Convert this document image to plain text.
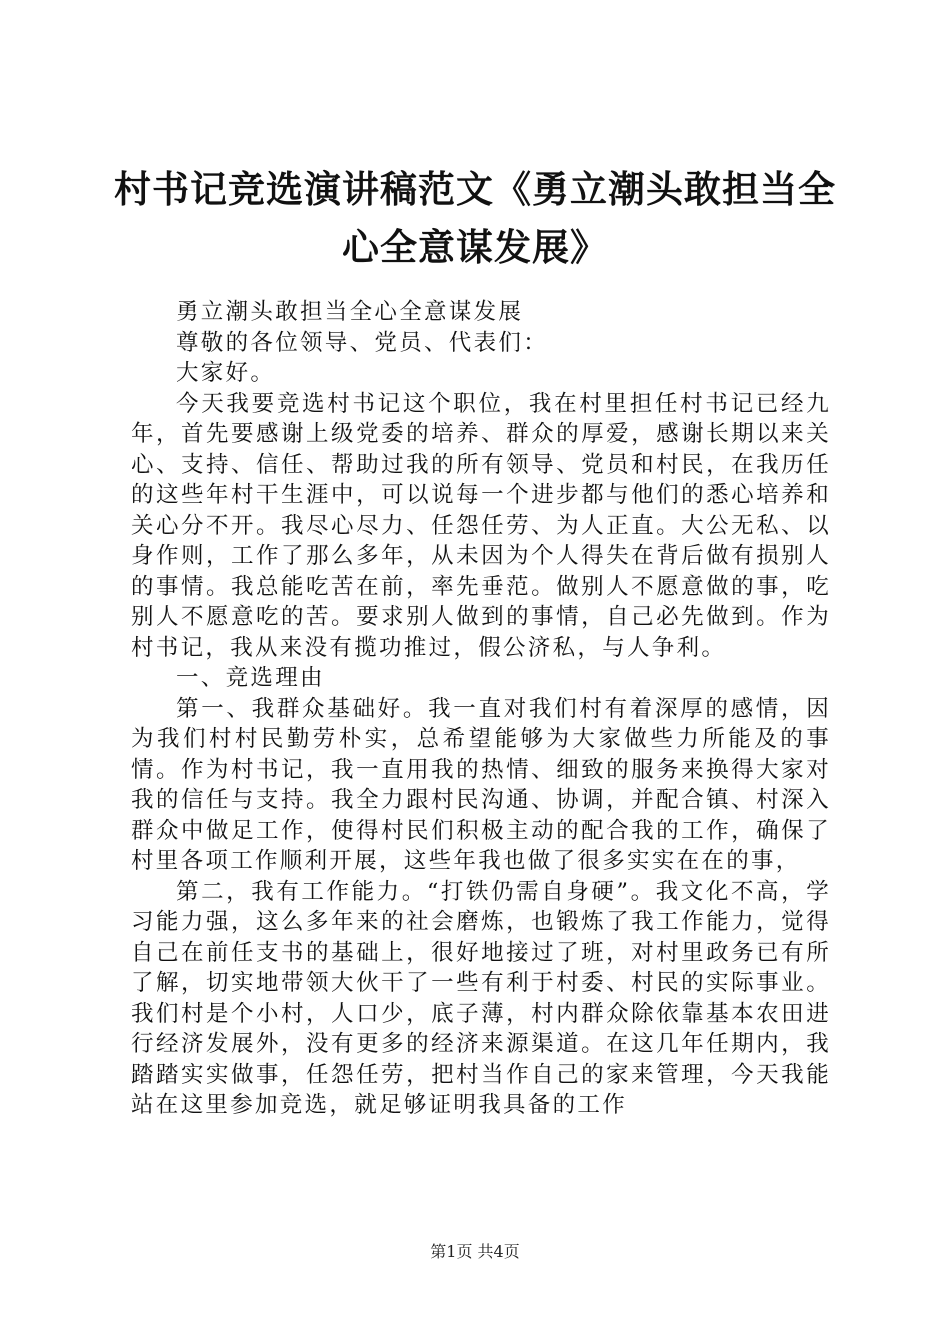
村书记竞选演讲稿范文《勇立潮头敢担当全心全意谋发展》

勇立潮头敢担当全心全意谋发展

尊敬的各位领导、党员、代表们：

大家好。

今天我要竞选村书记这个职位，我在村里担任村书记已经九年，首先要感谢上级党委的培养、群众的厚爱，感谢长期以来关心、支持、信任、帮助过我的所有领导、党员和村民，在我历任的这些年村干生涯中，可以说每一个进步都与他们的悉心培养和关心分不开。我尽心尽力、任怨任劳、为人正直。大公无私、以身作则，工作了那么多年，从未因为个人得失在背后做有损别人的事情。我总能吃苦在前，率先垂范。做别人不愿意做的事，吃别人不愿意吃的苦。要求别人做到的事情，自己必先做到。作为村书记，我从来没有揽功推过，假公济私，与人争利。

一、竞选理由

第一、我群众基础好。我一直对我们村有着深厚的感情，因为我们村村民勤劳朴实，总希望能够为大家做些力所能及的事情。作为村书记，我一直用我的热情、细致的服务来换得大家对我的信任与支持。我全力跟村民沟通、协调，并配合镇、村深入群众中做足工作，使得村民们积极主动的配合我的工作，确保了村里各项工作顺利开展，这些年我也做了很多实实在在的事，

第二，我有工作能力。“打铁仍需自身硬”。我文化不高，学习能力强，这么多年来的社会磨炼，也锻炼了我工作能力，觉得自己在前任支书的基础上，很好地接过了班，对村里政务已有所了解，切实地带领大伙干了一些有利于村委、村民的实际事业。我们村是个小村，人口少，底子薄，村内群众除依靠基本农田进行经济发展外，没有更多的经济来源渠道。在这几年任期内，我踏踏实实做事，任怨任劳，把村当作自己的家来管理，今天我能站在这里参加竞选，就足够证明我具备的工作

第1页 共4页
